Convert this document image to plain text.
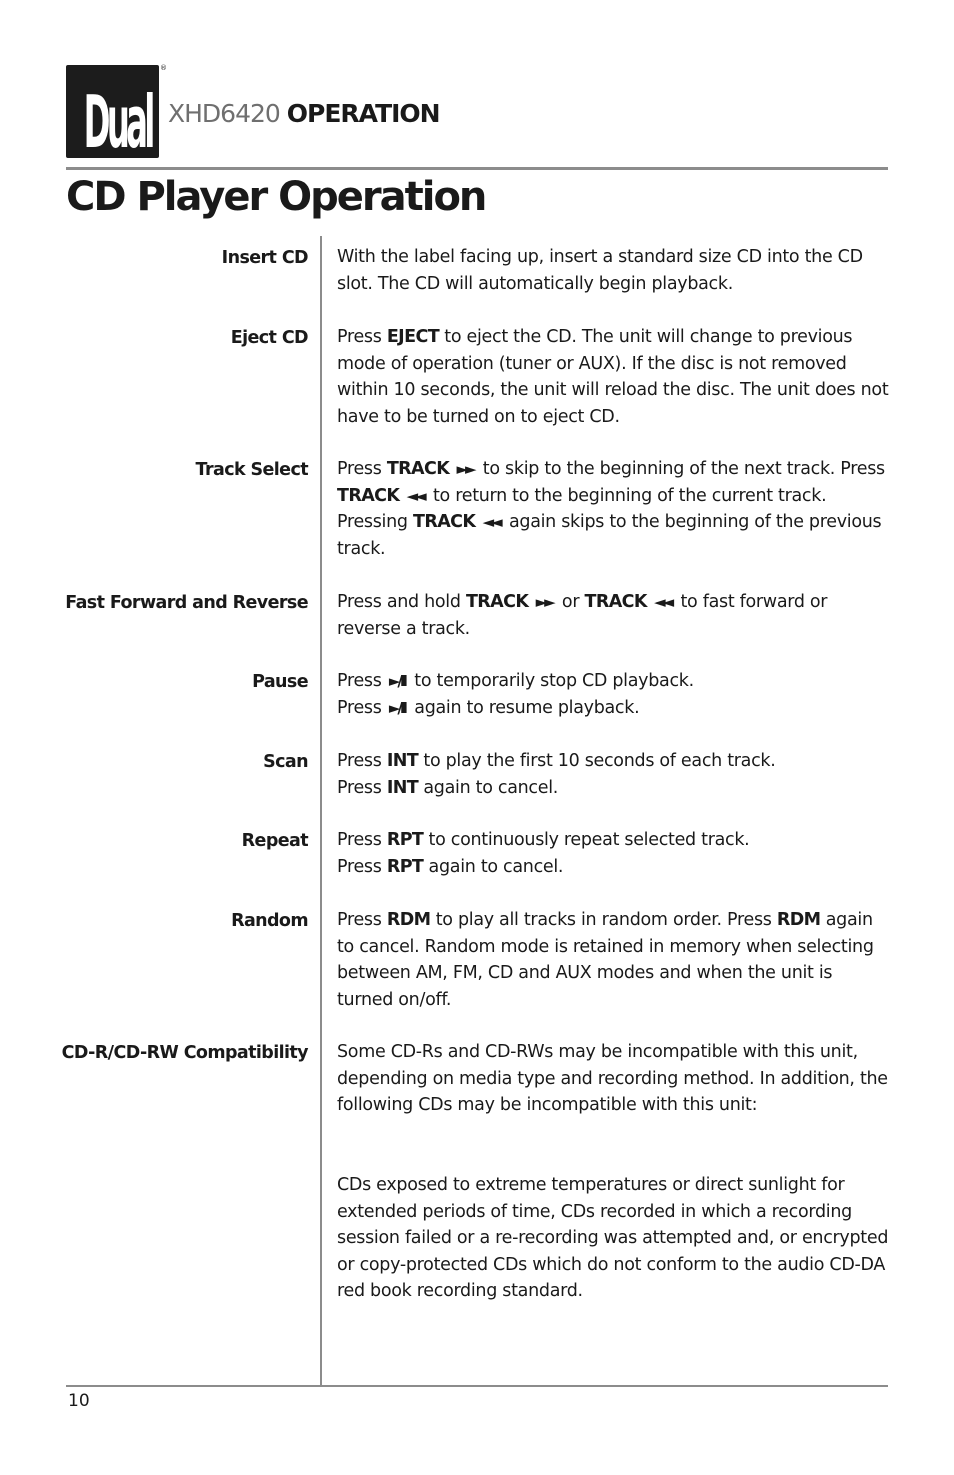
Dual
®
XHD6420 OPERATION
CD Player Operation
Insert CD With the label facing up, insert a standard size CD into the CD slot. The CD will automatically begin playback.
Eject CD Press EJECT to eject the CD. The unit will change to previous mode of operation (tuner or AUX). If the disc is not removed within 10 seconds, the unit will reload the disc. The unit does not have to be turned on to eject CD.
Track Select Press TRACK ►► to skip to the beginning of the next track. Press TRACK ◄◄ to return to the beginning of the current track. Pressing TRACK ◄◄ again skips to the beginning of the previous track.
Fast Forward and Reverse Press and hold TRACK ►► or TRACK ◄◄ to fast forward or reverse a track.
Pause Press ►/II to temporarily stop CD playback.
Press ►/II again to resume playback.
Scan Press INT to play the first 10 seconds of each track.
Press INT again to cancel.
Repeat Press RPT to continuously repeat selected track.
Press RPT again to cancel.
Random Press RDM to play all tracks in random order. Press RDM again to cancel. Random mode is retained in memory when selecting between AM, FM, CD and AUX modes and when the unit is turned on/off.
CD-R/CD-RW Compatibility Some CD-Rs and CD-RWs may be incompatible with this unit, depending on media type and recording method. In addition, the following CDs may be incompatible with this unit:
CDs exposed to extreme temperatures or direct sunlight for extended periods of time, CDs recorded in which a recording session failed or a re-recording was attempted and, or encrypted or copy-protected CDs which do not conform to the audio CD-DA red book recording standard.
10
